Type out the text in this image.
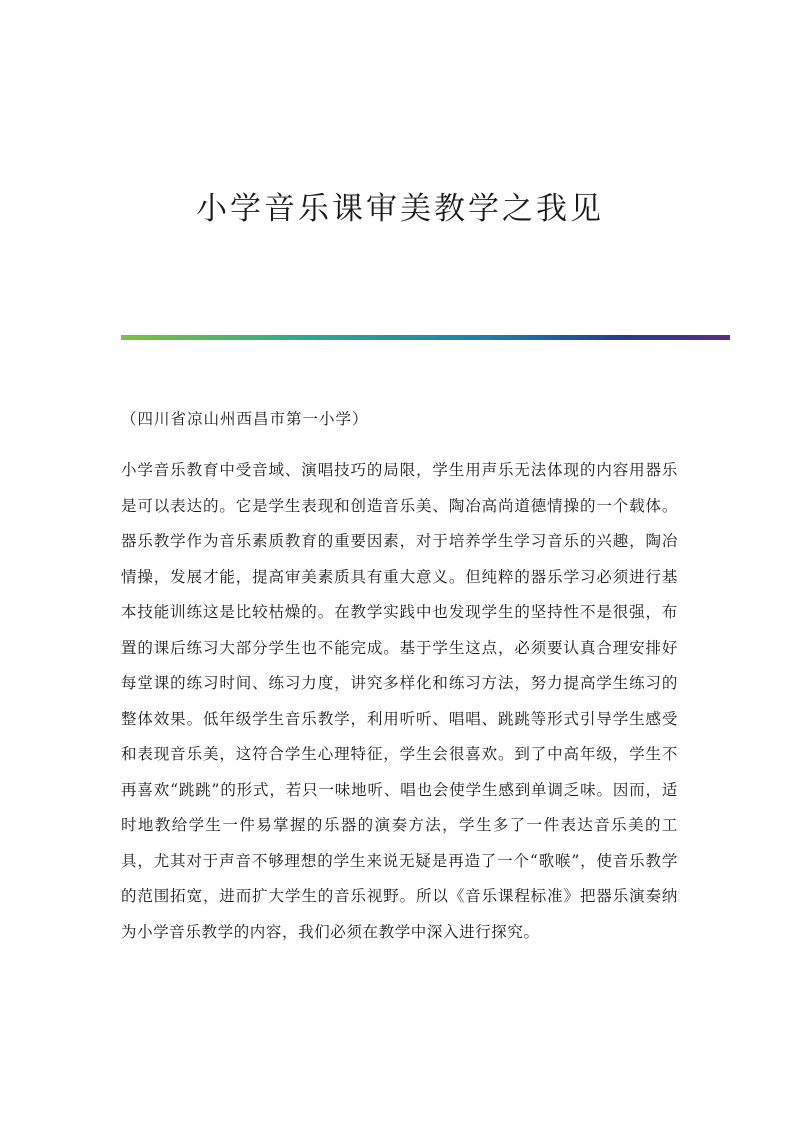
小学音乐课审美教学之我见

（四川省凉山州西昌市第一小学）

小学音乐教育中受音域、演唱技巧的局限，学生用声乐无法体现的内容用器乐是可以表达的。它是学生表现和创造音乐美、陶冶高尚道德情操的一个载体。器乐教学作为音乐素质教育的重要因素，对于培养学生学习音乐的兴趣，陶冶情操，发展才能，提高审美素质具有重大意义。但纯粹的器乐学习必须进行基本技能训练这是比较枯燥的。在教学实践中也发现学生的坚持性不是很强，布置的课后练习大部分学生也不能完成。基于学生这点，必须要认真合理安排好每堂课的练习时间、练习力度，讲究多样化和练习方法，努力提高学生练习的整体效果。低年级学生音乐教学，利用听听、唱唱、跳跳等形式引导学生感受和表现音乐美，这符合学生心理特征，学生会很喜欢。到了中高年级，学生不再喜欢“跳跳”的形式，若只一味地听、唱也会使学生感到单调乏味。因而，适时地教给学生一件易掌握的乐器的演奏方法，学生多了一件表达音乐美的工具，尤其对于声音不够理想的学生来说无疑是再造了一个“歌喉”，使音乐教学的范围拓宽，进而扩大学生的音乐视野。所以《音乐课程标准》把器乐演奏纳为小学音乐教学的内容，我们必须在教学中深入进行探究。
